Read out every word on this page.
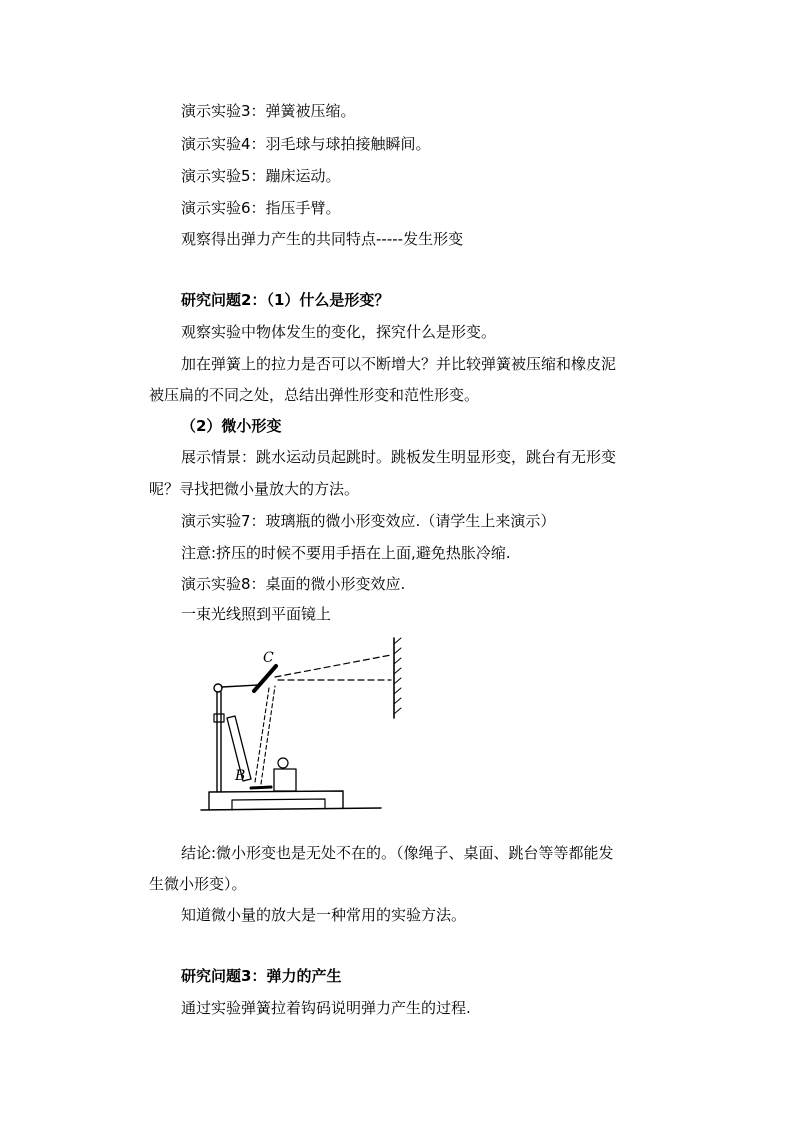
演示实验3：弹簧被压缩。
演示实验4：羽毛球与球拍接触瞬间。
演示实验5：蹦床运动。
演示实验6：指压手臂。
观察得出弹力产生的共同特点-----发生形变
研究问题2：（1）什么是形变？
观察实验中物体发生的变化，探究什么是形变。
加在弹簧上的拉力是否可以不断增大？并比较弹簧被压缩和橡皮泥
被压扁的不同之处，总结出弹性形变和范性形变。
（2）微小形变
展示情景：跳水运动员起跳时。跳板发生明显形变，跳台有无形变
呢？寻找把微小量放大的方法。
演示实验7：玻璃瓶的微小形变效应.（请学生上来演示）
注意:挤压的时候不要用手捂在上面,避免热胀冷缩.
演示实验8：桌面的微小形变效应.
一束光线照到平面镜上
C
B
结论:微小形变也是无处不在的。（像绳子、桌面、跳台等等都能发
生微小形变）。
知道微小量的放大是一种常用的实验方法。
研究问题3：弹力的产生
通过实验弹簧拉着钩码说明弹力产生的过程.
